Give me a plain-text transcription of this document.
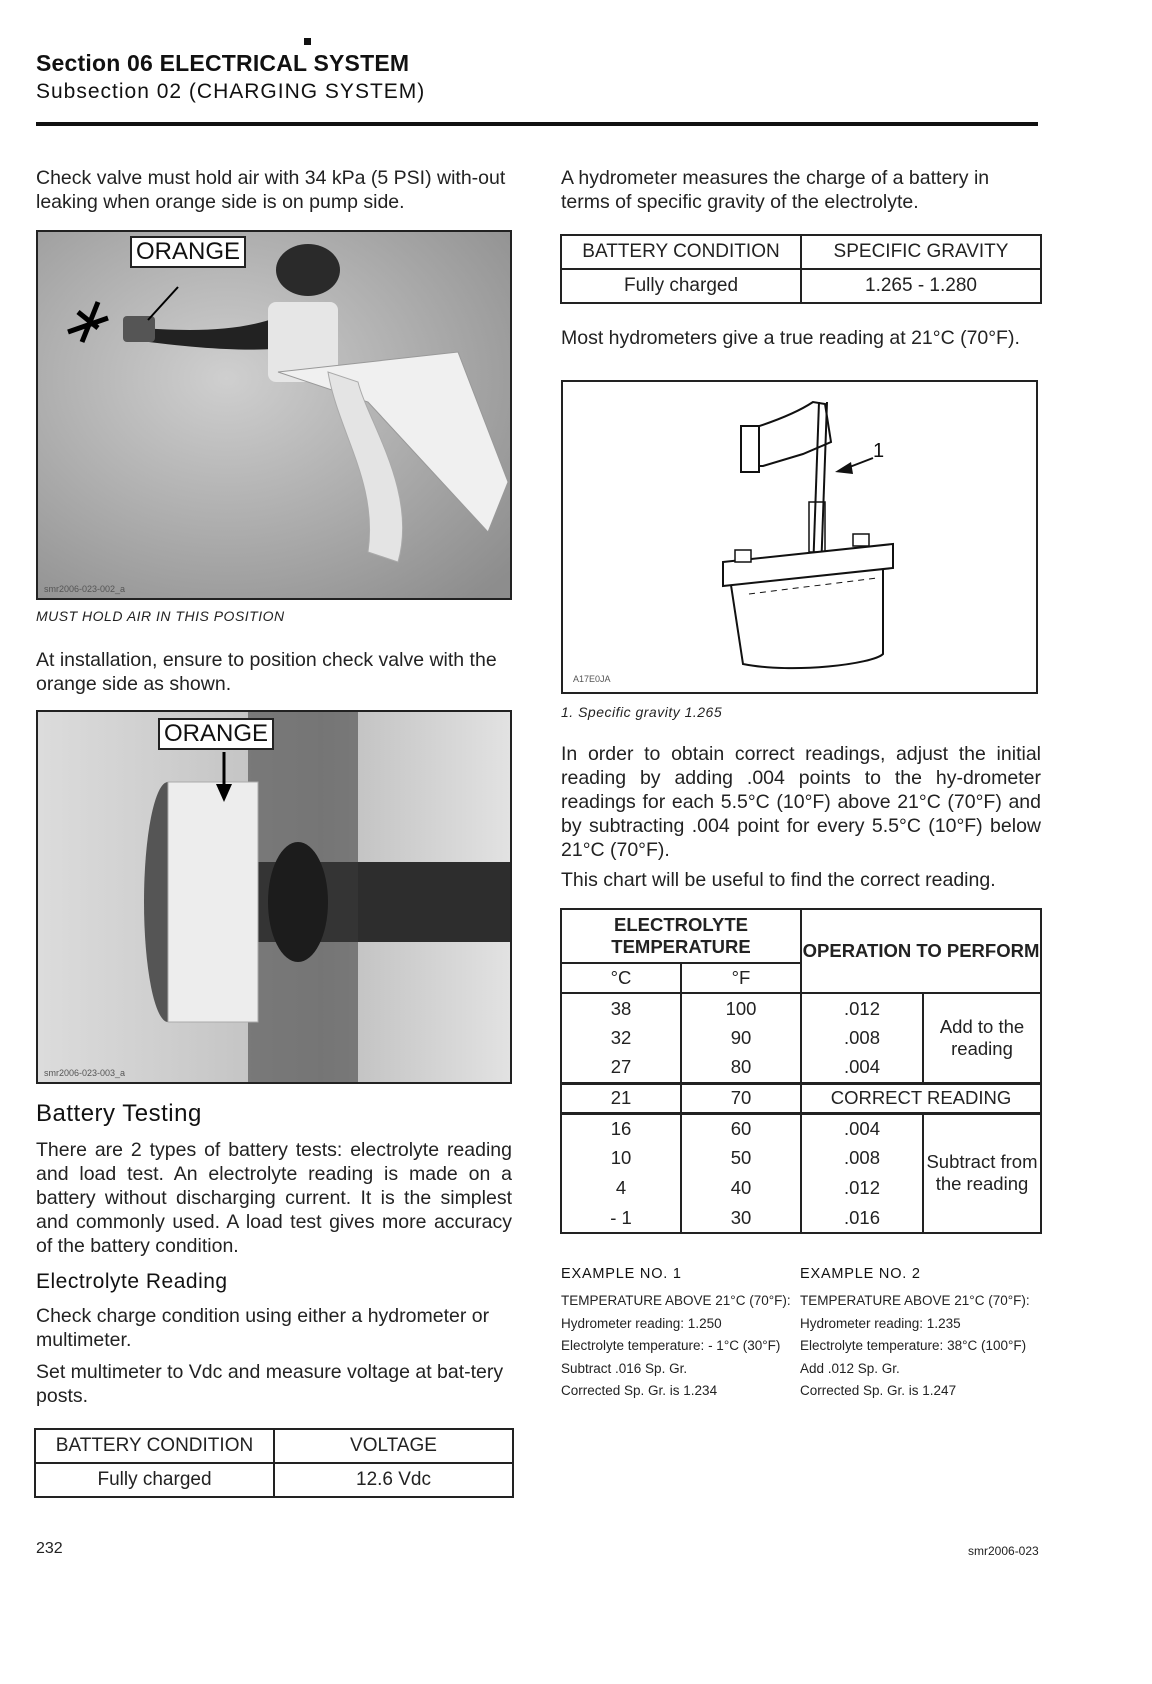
Section 06 ELECTRICAL SYSTEM
Subsection 02 (CHARGING SYSTEM)
Check valve must hold air with 34 kPa (5 PSI) with-out leaking when orange side is on pump side.
ORANGE
smr2006-023-002_a
MUST HOLD AIR IN THIS POSITION
At installation, ensure to position check valve with the orange side as shown.
ORANGE
smr2006-023-003_a
Battery Testing
There are 2 types of battery tests: electrolyte reading and load test. An electrolyte reading is made on a battery without discharging current. It is the simplest and commonly used. A load test gives more accuracy of the battery condition.
Electrolyte Reading
Check charge condition using either a hydrometer or multimeter.
Set multimeter to Vdc and measure voltage at bat-tery posts.
BATTERY CONDITION	VOLTAGE
Fully charged	12.6 Vdc
A hydrometer measures the charge of a battery in terms of specific gravity of the electrolyte.
BATTERY CONDITION	SPECIFIC GRAVITY
Fully charged	1.265 - 1.280
Most hydrometers give a true reading at 21°C (70°F).
1
A17E0JA
1. Specific gravity 1.265
In order to obtain correct readings, adjust the initial reading by adding .004 points to the hy-drometer readings for each 5.5°C (10°F) above 21°C (70°F) and by subtracting .004 point for every 5.5°C (10°F) below 21°C (70°F).
This chart will be useful to find the correct reading.
ELECTROLYTE TEMPERATURE		OPERATION TO PERFORM	
°C	°F		
38	100	.012	Add to the reading
32	90	.008	
27	80	.004	
21	70	CORRECT READING	
16	60	.004	Subtract from the reading
10	50	.008	
4	40	.012	
- 1	30	.016	
EXAMPLE NO. 1
TEMPERATURE ABOVE 21°C (70°F):
Hydrometer reading: 1.250
Electrolyte temperature: - 1°C (30°F)
Subtract .016 Sp. Gr.
Corrected Sp. Gr. is 1.234
EXAMPLE NO. 2
TEMPERATURE ABOVE 21°C (70°F):
Hydrometer reading: 1.235
Electrolyte temperature: 38°C (100°F)
Add .012 Sp. Gr.
Corrected Sp. Gr. is 1.247
232	smr2006-023
